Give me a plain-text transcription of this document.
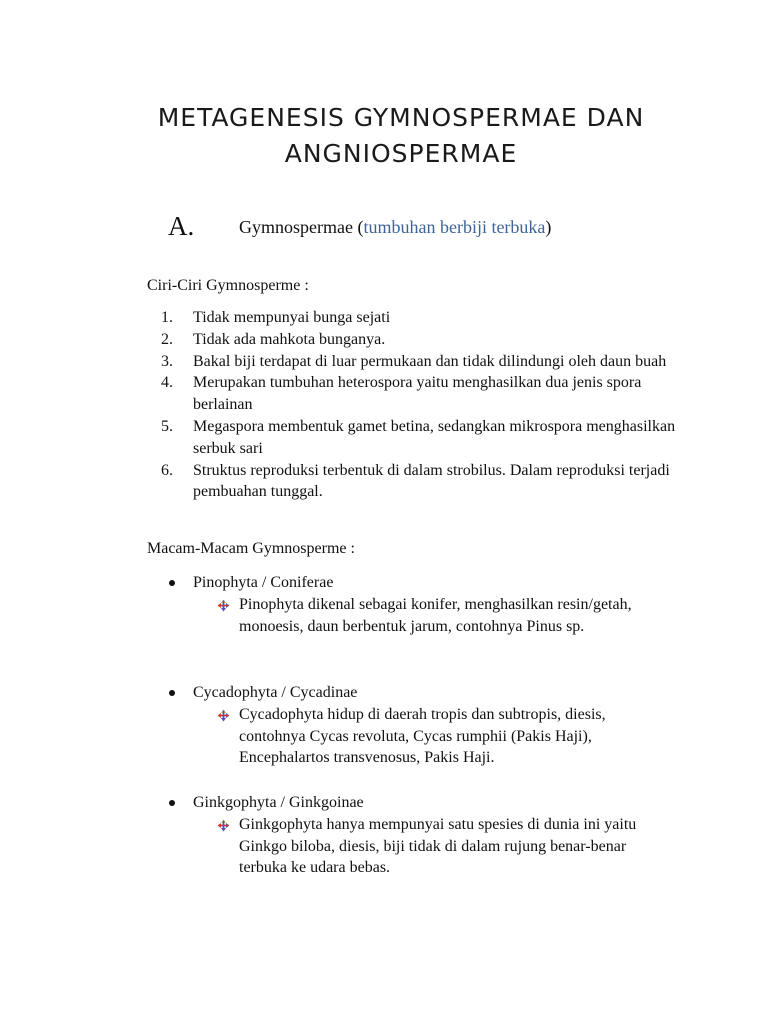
METAGENESIS GYMNOSPERMAE DAN
ANGNIOSPERMAE
A. Gymnospermae (tumbuhan berbiji terbuka)
Ciri-Ciri Gymnosperme :
1. Tidak mempunyai bunga sejati
2. Tidak ada mahkota bunganya.
3. Bakal biji terdapat di luar permukaan dan tidak dilindungi oleh daun buah
4. Merupakan tumbuhan heterospora yaitu menghasilkan dua jenis spora berlainan
5. Megaspora membentuk gamet betina, sedangkan mikrospora menghasilkan serbuk sari
6. Struktus reproduksi terbentuk di dalam strobilus. Dalam reproduksi terjadi pembuahan tunggal.
Macam-Macam Gymnosperme :
Pinophyta / Coniferae
Pinophyta dikenal sebagai konifer, menghasilkan resin/getah, monoesis, daun berbentuk jarum, contohnya Pinus sp.
Cycadophyta / Cycadinae
Cycadophyta hidup di daerah tropis dan subtropis, diesis, contohnya Cycas revoluta, Cycas rumphii (Pakis Haji), Encephalartos transvenosus, Pakis Haji.
Ginkgophyta / Ginkgoinae
Ginkgophyta hanya mempunyai satu spesies di dunia ini yaitu Ginkgo biloba, diesis, biji tidak di dalam rujung benar-benar terbuka ke udara bebas.
